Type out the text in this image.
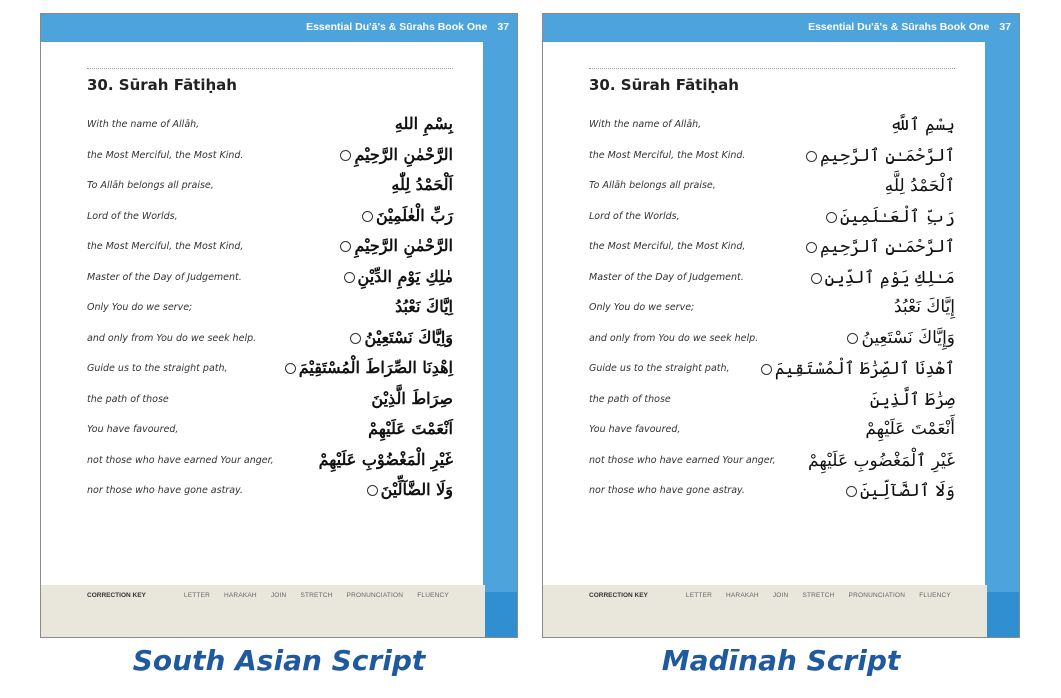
Essential Du'ā's & Sūrahs Book One 37
30. Sūrah Fātiḥah
CORRECTION KEY	LETTER HARAKAH JOIN STRETCH PRONUNCIATION FLUENCY
With the name of Allāh,	بِسْمِ اللهِ
the Most Merciful, the Most Kind.	الرَّحْمٰنِ الرَّحِيْمِ
To Allāh belongs all praise,	اَلْحَمْدُ لِلّٰهِ
Lord of the Worlds,	رَبِّ الْعٰلَمِيْنَ
the Most Merciful, the Most Kind,	الرَّحْمٰنِ الرَّحِيْمِ
Master of the Day of Judgement.	مٰلِكِ يَوْمِ الدِّيْنِ
Only You do we serve;	اِيَّاكَ نَعْبُدُ
and only from You do we seek help.	وَاِيَّاكَ نَسْتَعِيْنُ
Guide us to the straight path,	اِهْدِنَا الصِّرَاطَ الْمُسْتَقِيْمَ
the path of those	صِرَاطَ الَّذِيْنَ
You have favoured,	اَنْعَمْتَ عَلَيْهِمْ
not those who have earned Your anger,	غَيْرِ الْمَغْضُوْبِ عَلَيْهِمْ
nor those who have gone astray.	وَلَا الضَّآلِّيْنَ
Essential Du'ā's & Sūrahs Book One 37
30. Sūrah Fātiḥah
CORRECTION KEY	LETTER HARAKAH JOIN STRETCH PRONUNCIATION FLUENCY
With the name of Allāh,	بِسْمِ ٱللَّهِ
the Most Merciful, the Most Kind.	ٱلرَّحْمَـٰنِ ٱلرَّحِيمِ
To Allāh belongs all praise,	ٱلْحَمْدُ لِلَّهِ
Lord of the Worlds,	رَبِّ ٱلْعَـٰلَمِينَ
the Most Merciful, the Most Kind,	ٱلرَّحْمَـٰنِ ٱلرَّحِيمِ
Master of the Day of Judgement.	مَـٰلِكِ يَوْمِ ٱلدِّينِ
Only You do we serve;	إِيَّاكَ نَعْبُدُ
and only from You do we seek help.	وَإِيَّاكَ نَسْتَعِينُ
Guide us to the straight path,	ٱهْدِنَا ٱلصِّرَٰطَ ٱلْمُسْتَقِيمَ
the path of those	صِرَٰطَ ٱلَّذِينَ
You have favoured,	أَنْعَمْتَ عَلَيْهِمْ
not those who have earned Your anger,	غَيْرِ ٱلْمَغْضُوبِ عَلَيْهِمْ
nor those who have gone astray.	وَلَا ٱلضَّآلِّينَ
South Asian Script	Madīnah Script
